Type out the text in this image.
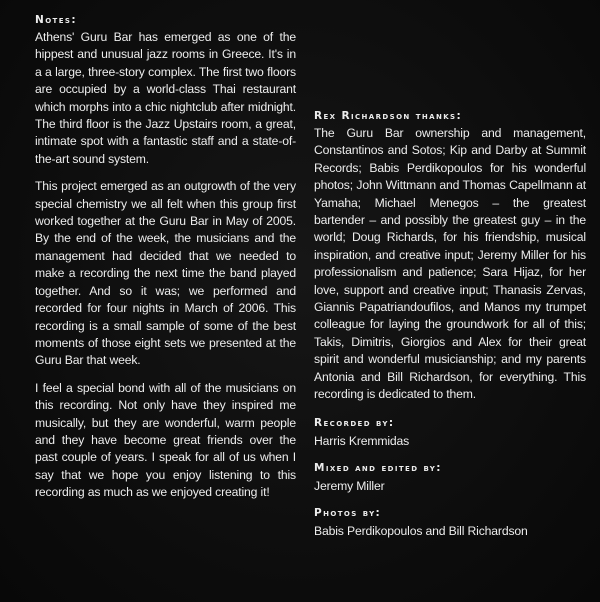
Notes:

Athens' Guru Bar has emerged as one of the hippest and unusual jazz rooms in Greece. It's in a a large, three-story complex. The first two floors are occupied by a world-class Thai restaurant which morphs into a chic nightclub after midnight. The third floor is the Jazz Upstairs room, a great, intimate spot with a fantastic staff and a state-of-the-art sound system.

This project emerged as an outgrowth of the very special chemistry we all felt when this group first worked together at the Guru Bar in May of 2005. By the end of the week, the musicians and the management had decided that we needed to make a recording the next time the band played together. And so it was; we performed and recorded for four nights in March of 2006. This recording is a small sample of some of the best moments of those eight sets we presented at the Guru Bar that week.

I feel a special bond with all of the musicians on this recording. Not only have they inspired me musically, but they are wonderful, warm people and they have become great friends over the past couple of years. I speak for all of us when I say that we hope you enjoy listening to this recording as much as we enjoyed creating it!

Rex Richardson thanks:

The Guru Bar ownership and management, Constantinos and Sotos; Kip and Darby at Summit Records; Babis Perdikopoulos for his wonderful photos; John Wittmann and Thomas Capellmann at Yamaha; Michael Menegos – the greatest bartender – and possibly the greatest guy – in the world; Doug Richards, for his friendship, musical inspiration, and creative input; Jeremy Miller for his professionalism and patience; Sara Hijaz, for her love, support and creative input; Thanasis Zervas, Giannis Papatriandoufilos, and Manos my trumpet colleague for laying the groundwork for all of this; Takis, Dimitris, Giorgios and Alex for their great spirit and wonderful musicianship; and my parents Antonia and Bill Richardson, for everything. This recording is dedicated to them.

Recorded by:
Harris Kremmidas
Mixed and edited by:
Jeremy Miller
Photos by:
Babis Perdikopoulos and Bill Richardson
